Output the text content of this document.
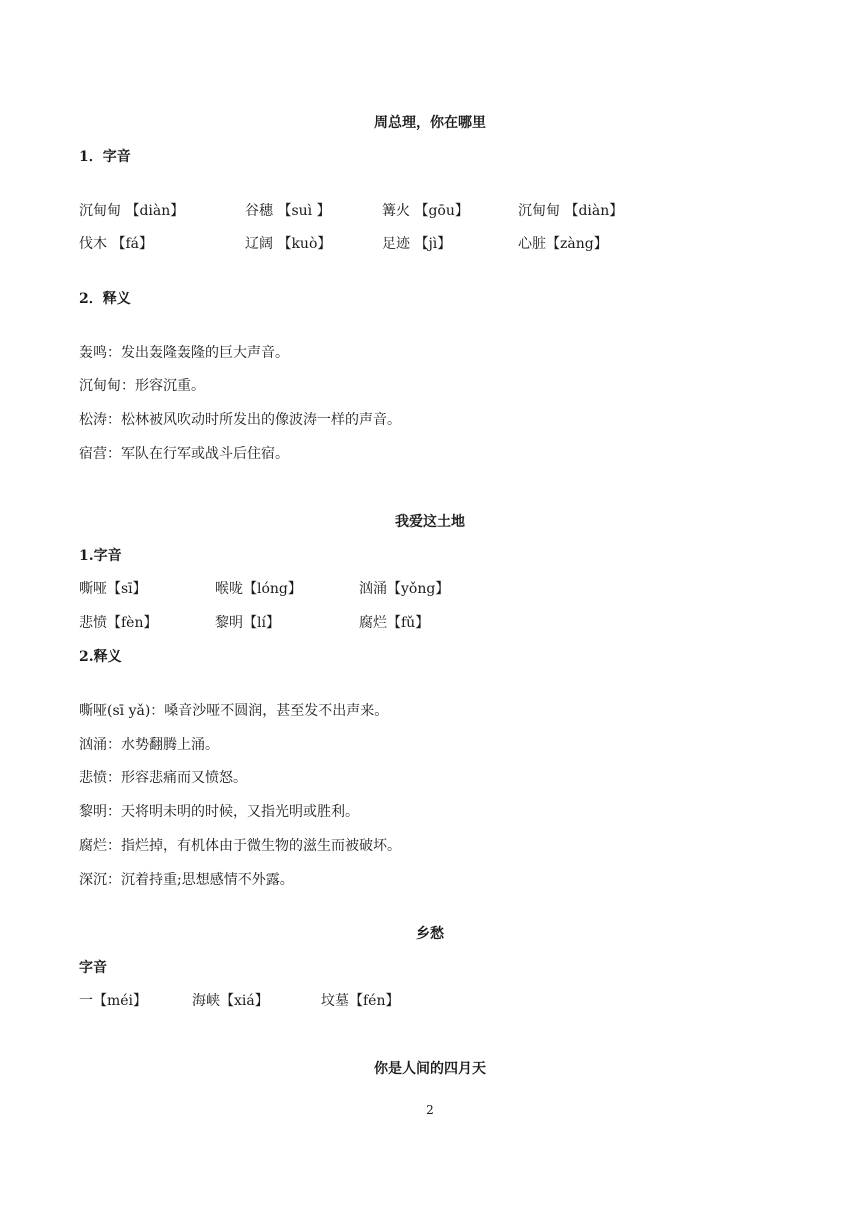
周总理，你在哪里
1．字音
沉甸甸 【diàn】	谷穗 【suì 】	篝火 【gōu】	沉甸甸 【diàn】
伐木 【fá】	辽阔 【kuò】	足迹 【jì】	心脏【zàng】
2．释义
轰鸣：发出轰隆轰隆的巨大声音。
沉甸甸：形容沉重。
松涛：松林被风吹动时所发出的像波涛一样的声音。
宿营：军队在行军或战斗后住宿。
我爱这土地
1.字音
嘶哑【sī】	喉咙【lóng】	汹涌【yǒng】
悲愤【fèn】	黎明【lí】	腐烂【fǔ】
2.释义
嘶哑(sī yǎ)：嗓音沙哑不圆润，甚至发不出声来。
汹涌：水势翻腾上涌。
悲愤：形容悲痛而又愤怒。
黎明：天将明未明的时候，又指光明或胜利。
腐烂：指烂掉，有机体由于微生物的滋生而被破坏。
深沉：沉着持重;思想感情不外露。
乡愁
字音
一【méi】	海峡【xiá】	坟墓【fén】
你是人间的四月天
2
